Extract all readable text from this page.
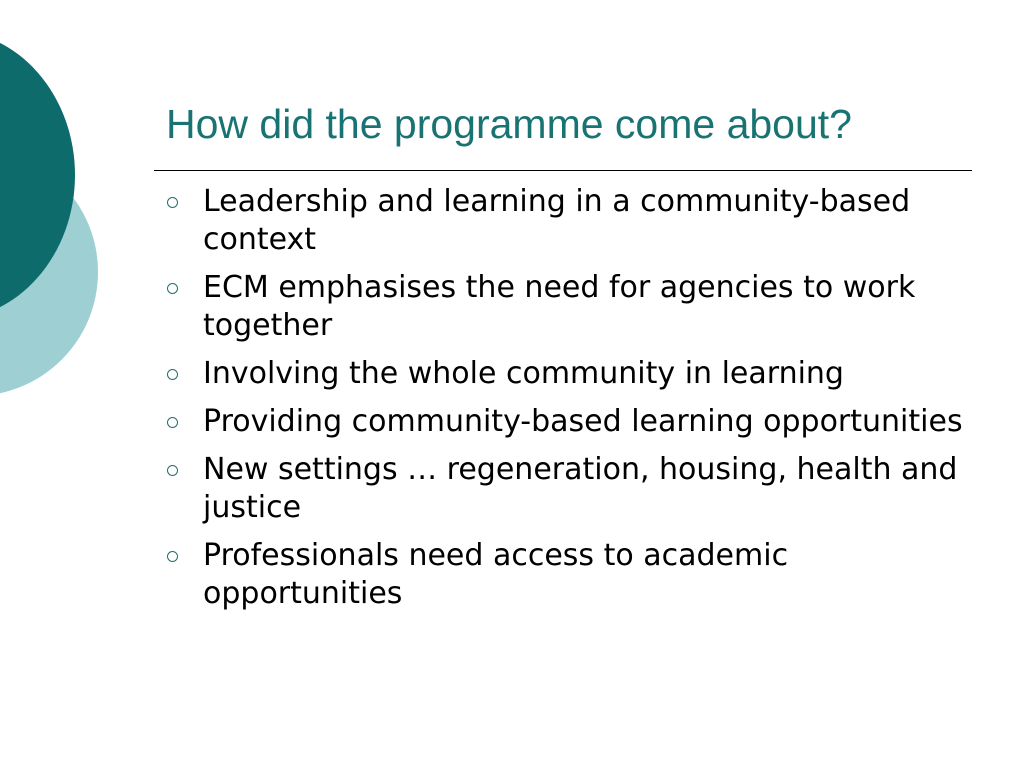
How did the programme come about?
Leadership and learning in a community-based context
ECM emphasises the need for agencies to work together
Involving the whole community in learning
Providing community-based learning opportunities
New settings … regeneration, housing, health and justice
Professionals need access to academic opportunities
